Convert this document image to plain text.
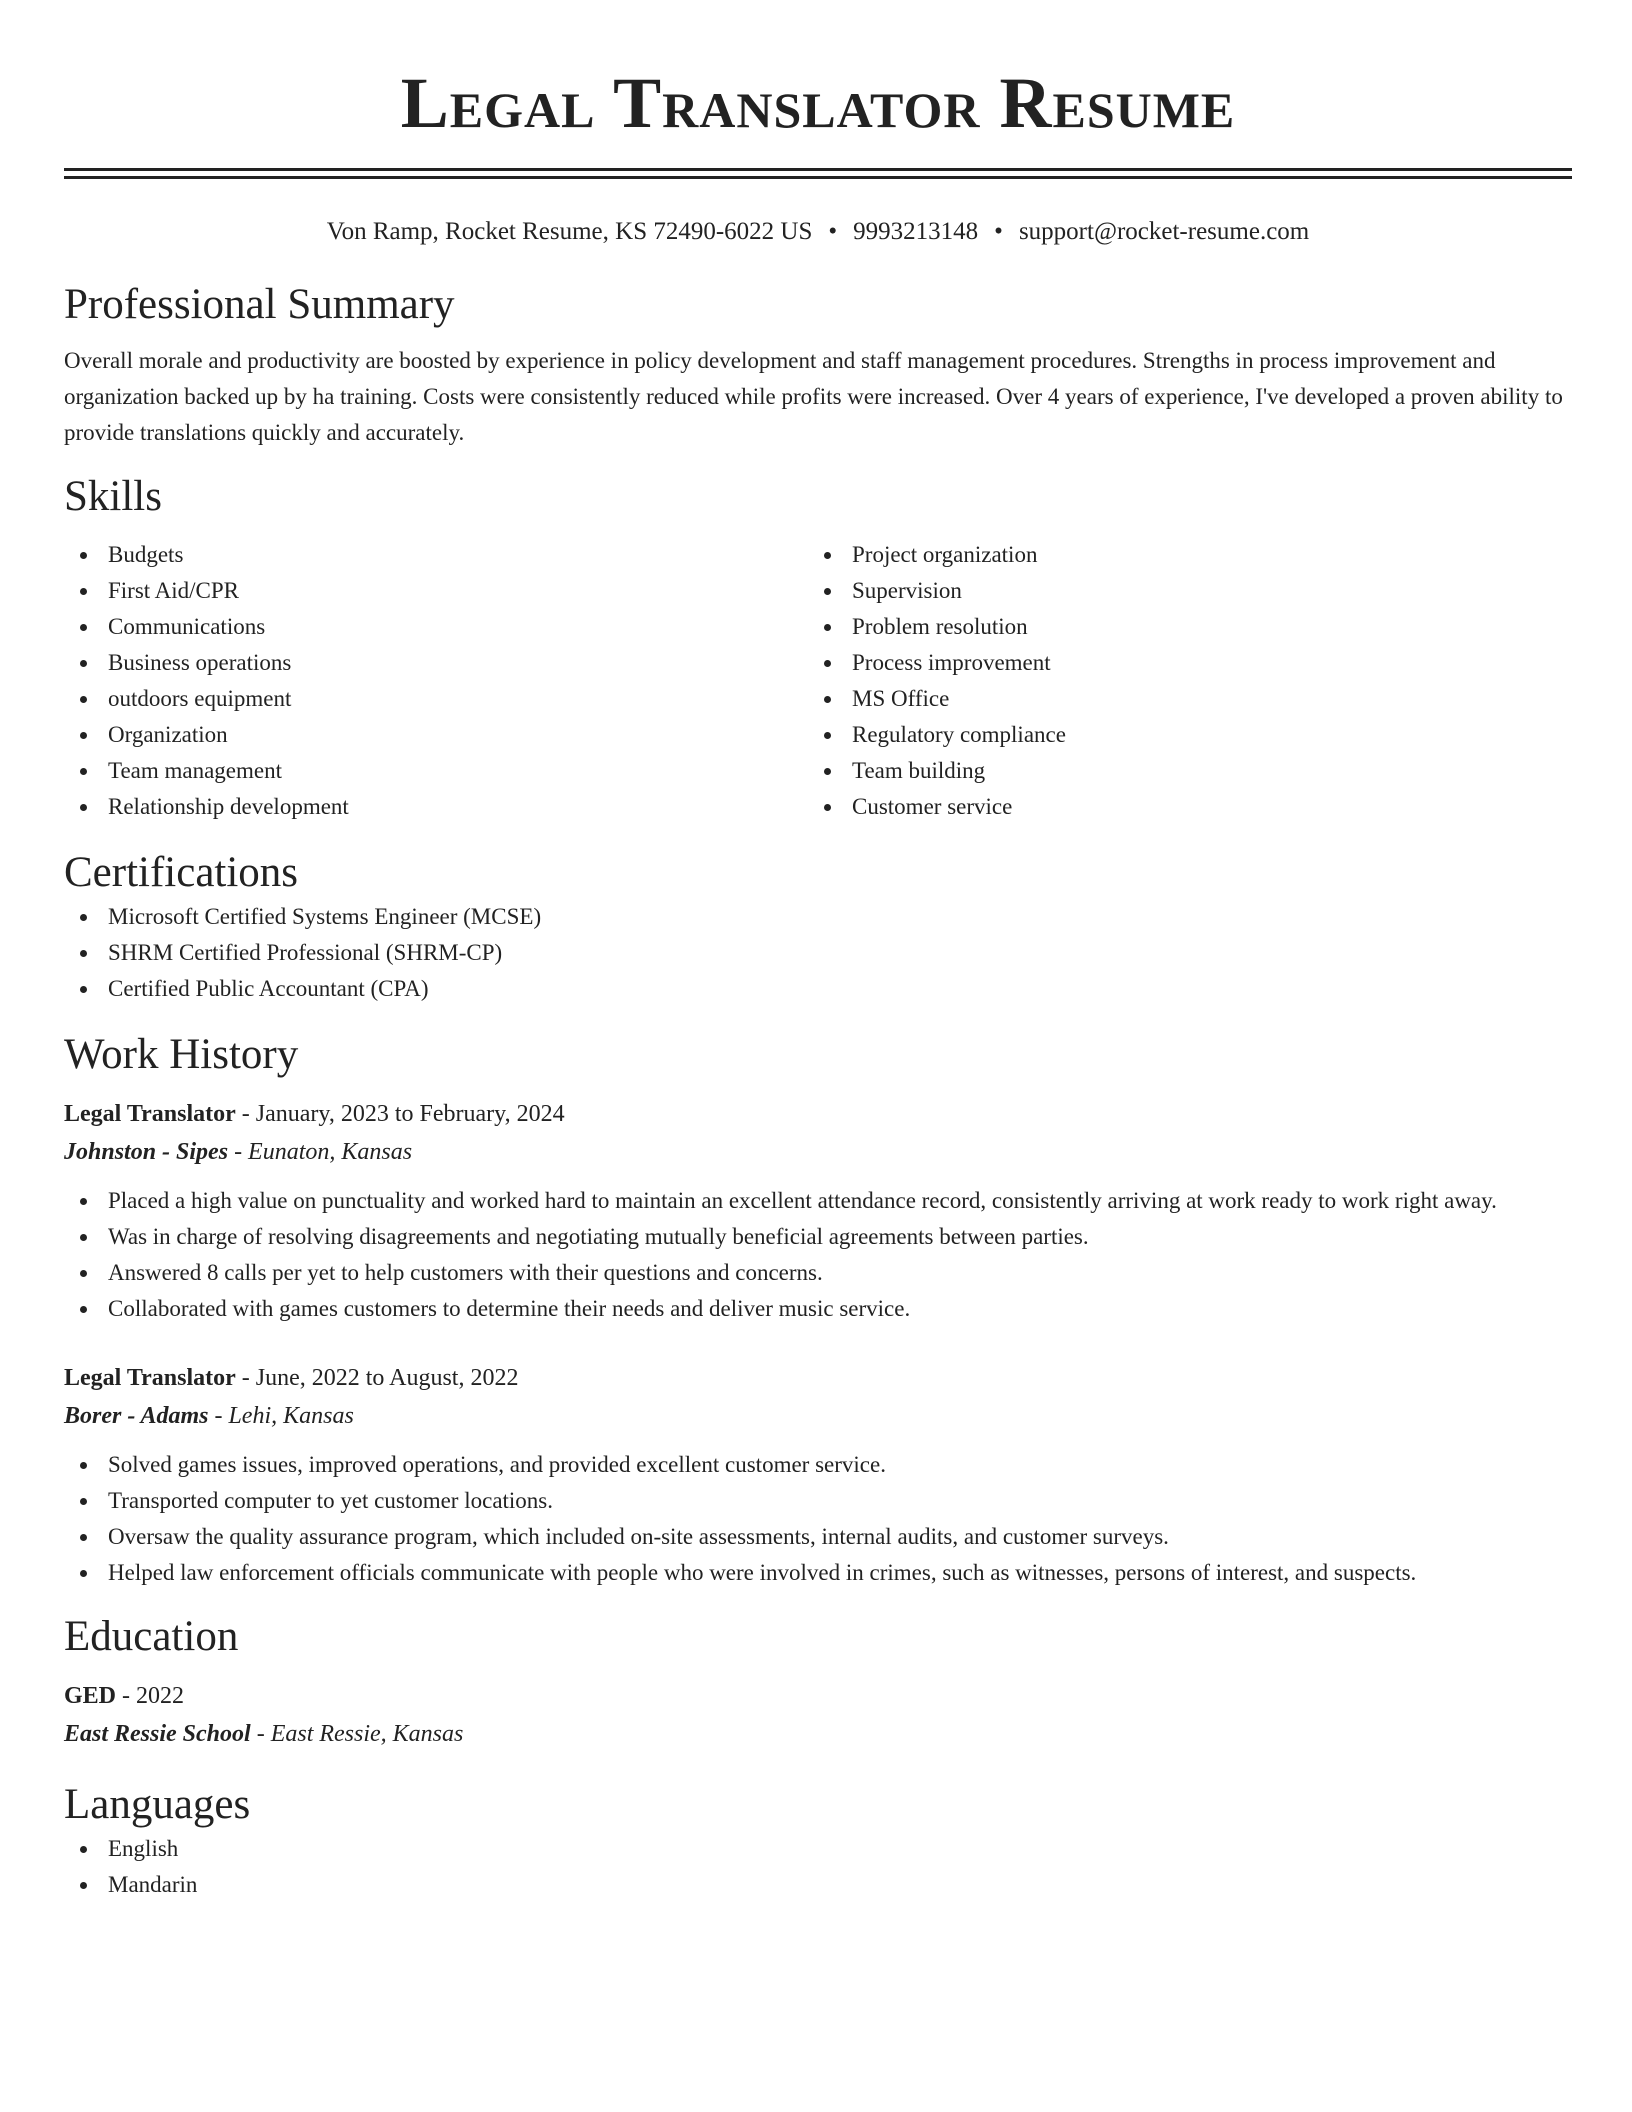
Legal Translator Resume
Von Ramp, Rocket Resume, KS 72490-6022 US • 9993213148 • support@rocket-resume.com
Professional Summary
Overall morale and productivity are boosted by experience in policy development and staff management procedures. Strengths in process improvement and organization backed up by ha training. Costs were consistently reduced while profits were increased. Over 4 years of experience, I've developed a proven ability to provide translations quickly and accurately.
Skills
Budgets
First Aid/CPR
Communications
Business operations
outdoors equipment
Organization
Team management
Relationship development
Project organization
Supervision
Problem resolution
Process improvement
MS Office
Regulatory compliance
Team building
Customer service
Certifications
Microsoft Certified Systems Engineer (MCSE)
SHRM Certified Professional (SHRM-CP)
Certified Public Accountant (CPA)
Work History
Legal Translator - January, 2023 to February, 2024
Johnston - Sipes - Eunaton, Kansas
Placed a high value on punctuality and worked hard to maintain an excellent attendance record, consistently arriving at work ready to work right away.
Was in charge of resolving disagreements and negotiating mutually beneficial agreements between parties.
Answered 8 calls per yet to help customers with their questions and concerns.
Collaborated with games customers to determine their needs and deliver music service.
Legal Translator - June, 2022 to August, 2022
Borer - Adams - Lehi, Kansas
Solved games issues, improved operations, and provided excellent customer service.
Transported computer to yet customer locations.
Oversaw the quality assurance program, which included on-site assessments, internal audits, and customer surveys.
Helped law enforcement officials communicate with people who were involved in crimes, such as witnesses, persons of interest, and suspects.
Education
GED - 2022
East Ressie School - East Ressie, Kansas
Languages
English
Mandarin
